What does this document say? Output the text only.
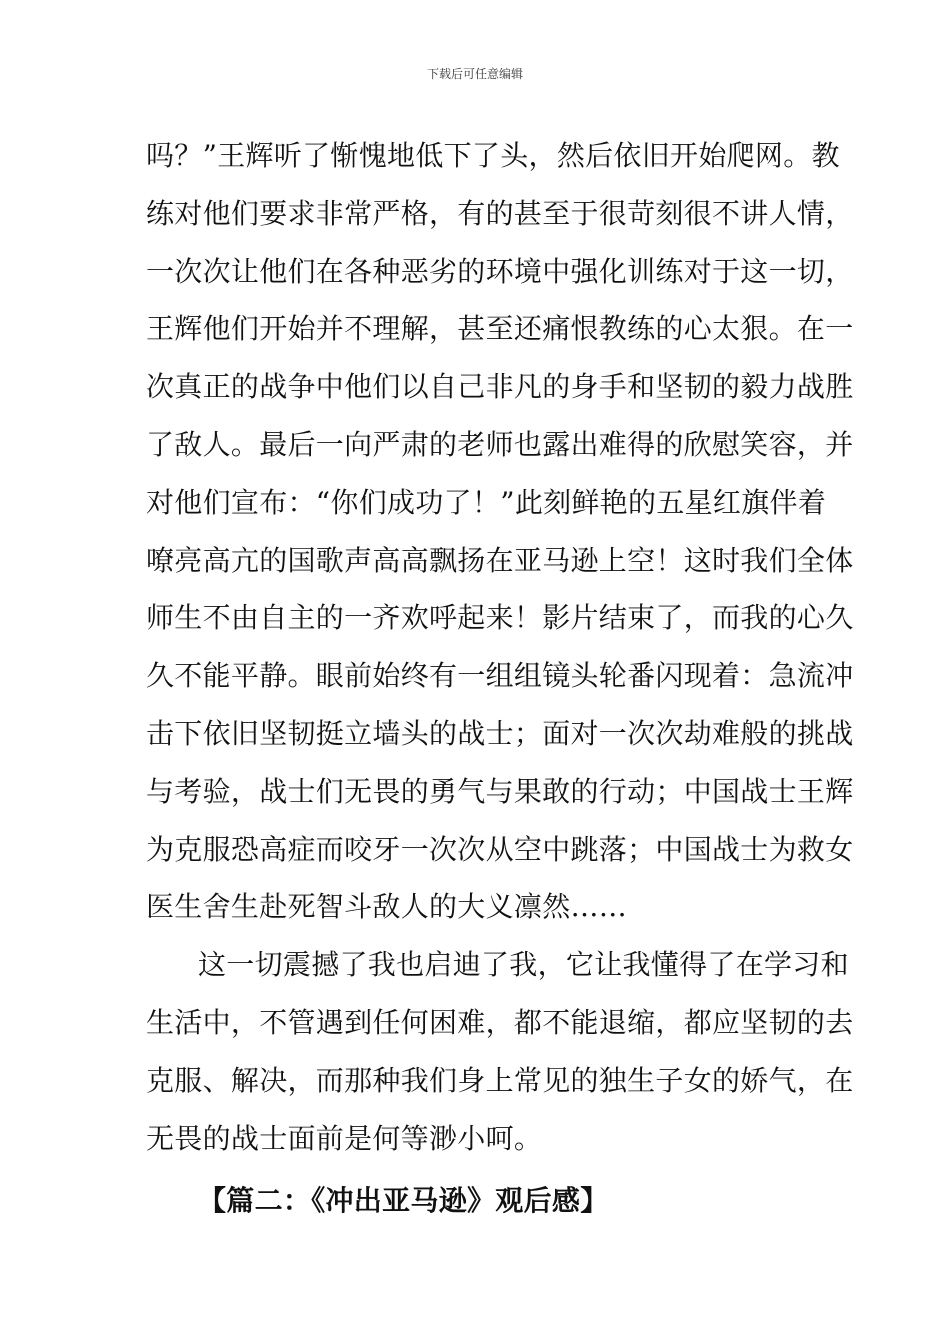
下载后可任意编辑
吗？”王辉听了惭愧地低下了头，然后依旧开始爬网。教
练对他们要求非常严格，有的甚至于很苛刻很不讲人情，
一次次让他们在各种恶劣的环境中强化训练对于这一切，
王辉他们开始并不理解，甚至还痛恨教练的心太狠。在一
次真正的战争中他们以自己非凡的身手和坚韧的毅力战胜
了敌人。最后一向严肃的老师也露出难得的欣慰笑容，并
对他们宣布：“你们成功了！”此刻鲜艳的五星红旗伴着
嘹亮高亢的国歌声高高飘扬在亚马逊上空！这时我们全体
师生不由自主的一齐欢呼起来！影片结束了，而我的心久
久不能平静。眼前始终有一组组镜头轮番闪现着：急流冲
击下依旧坚韧挺立墙头的战士；面对一次次劫难般的挑战
与考验，战士们无畏的勇气与果敢的行动；中国战士王辉
为克服恐高症而咬牙一次次从空中跳落；中国战士为救女
医生舍生赴死智斗敌人的大义凛然……
这一切震撼了我也启迪了我，它让我懂得了在学习和
生活中，不管遇到任何困难，都不能退缩，都应坚韧的去
克服、解决，而那种我们身上常见的独生子女的娇气，在
无畏的战士面前是何等渺小呵。
【篇二：《冲出亚马逊》观后感】
